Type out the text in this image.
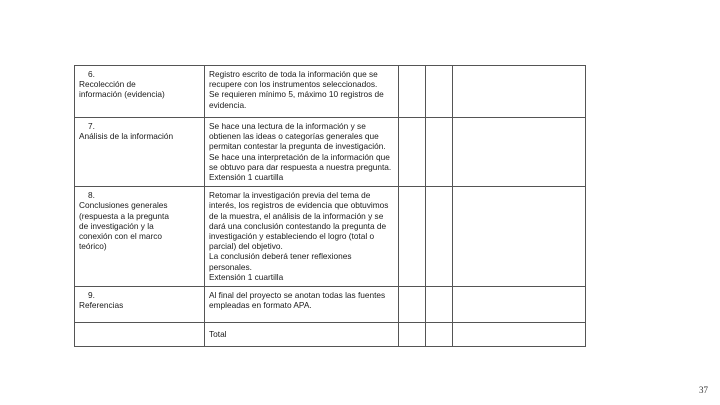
6.Recolección de información (evidencia)	Registro escrito de toda la información que se recupere con los instrumentos seleccionados.
Se requieren mínimo 5, máximo 10 registros de evidencia.			

7.Análisis de la información	Se hace una lectura de la información y se obtienen las ideas o categorías generales que permitan contestar la pregunta de investigación.
Se hace una interpretación de la información que se obtuvo para dar respuesta a nuestra pregunta.
Extensión 1 cuartilla			

8.Conclusiones generales (respuesta a la pregunta de investigación y la conexión con el marco teórico)	Retomar la investigación previa del tema de interés, los registros de evidencia que obtuvimos de la muestra, el análisis de la información y se dará una conclusión contestando la pregunta de investigación y estableciendo el logro (total o parcial) del objetivo.
La conclusión deberá tener reflexiones personales.
Extensión 1 cuartilla			

9.Referencias	Al final del proyecto se anotan todas las fuentes empleadas en formato APA.			

	Total			
37
